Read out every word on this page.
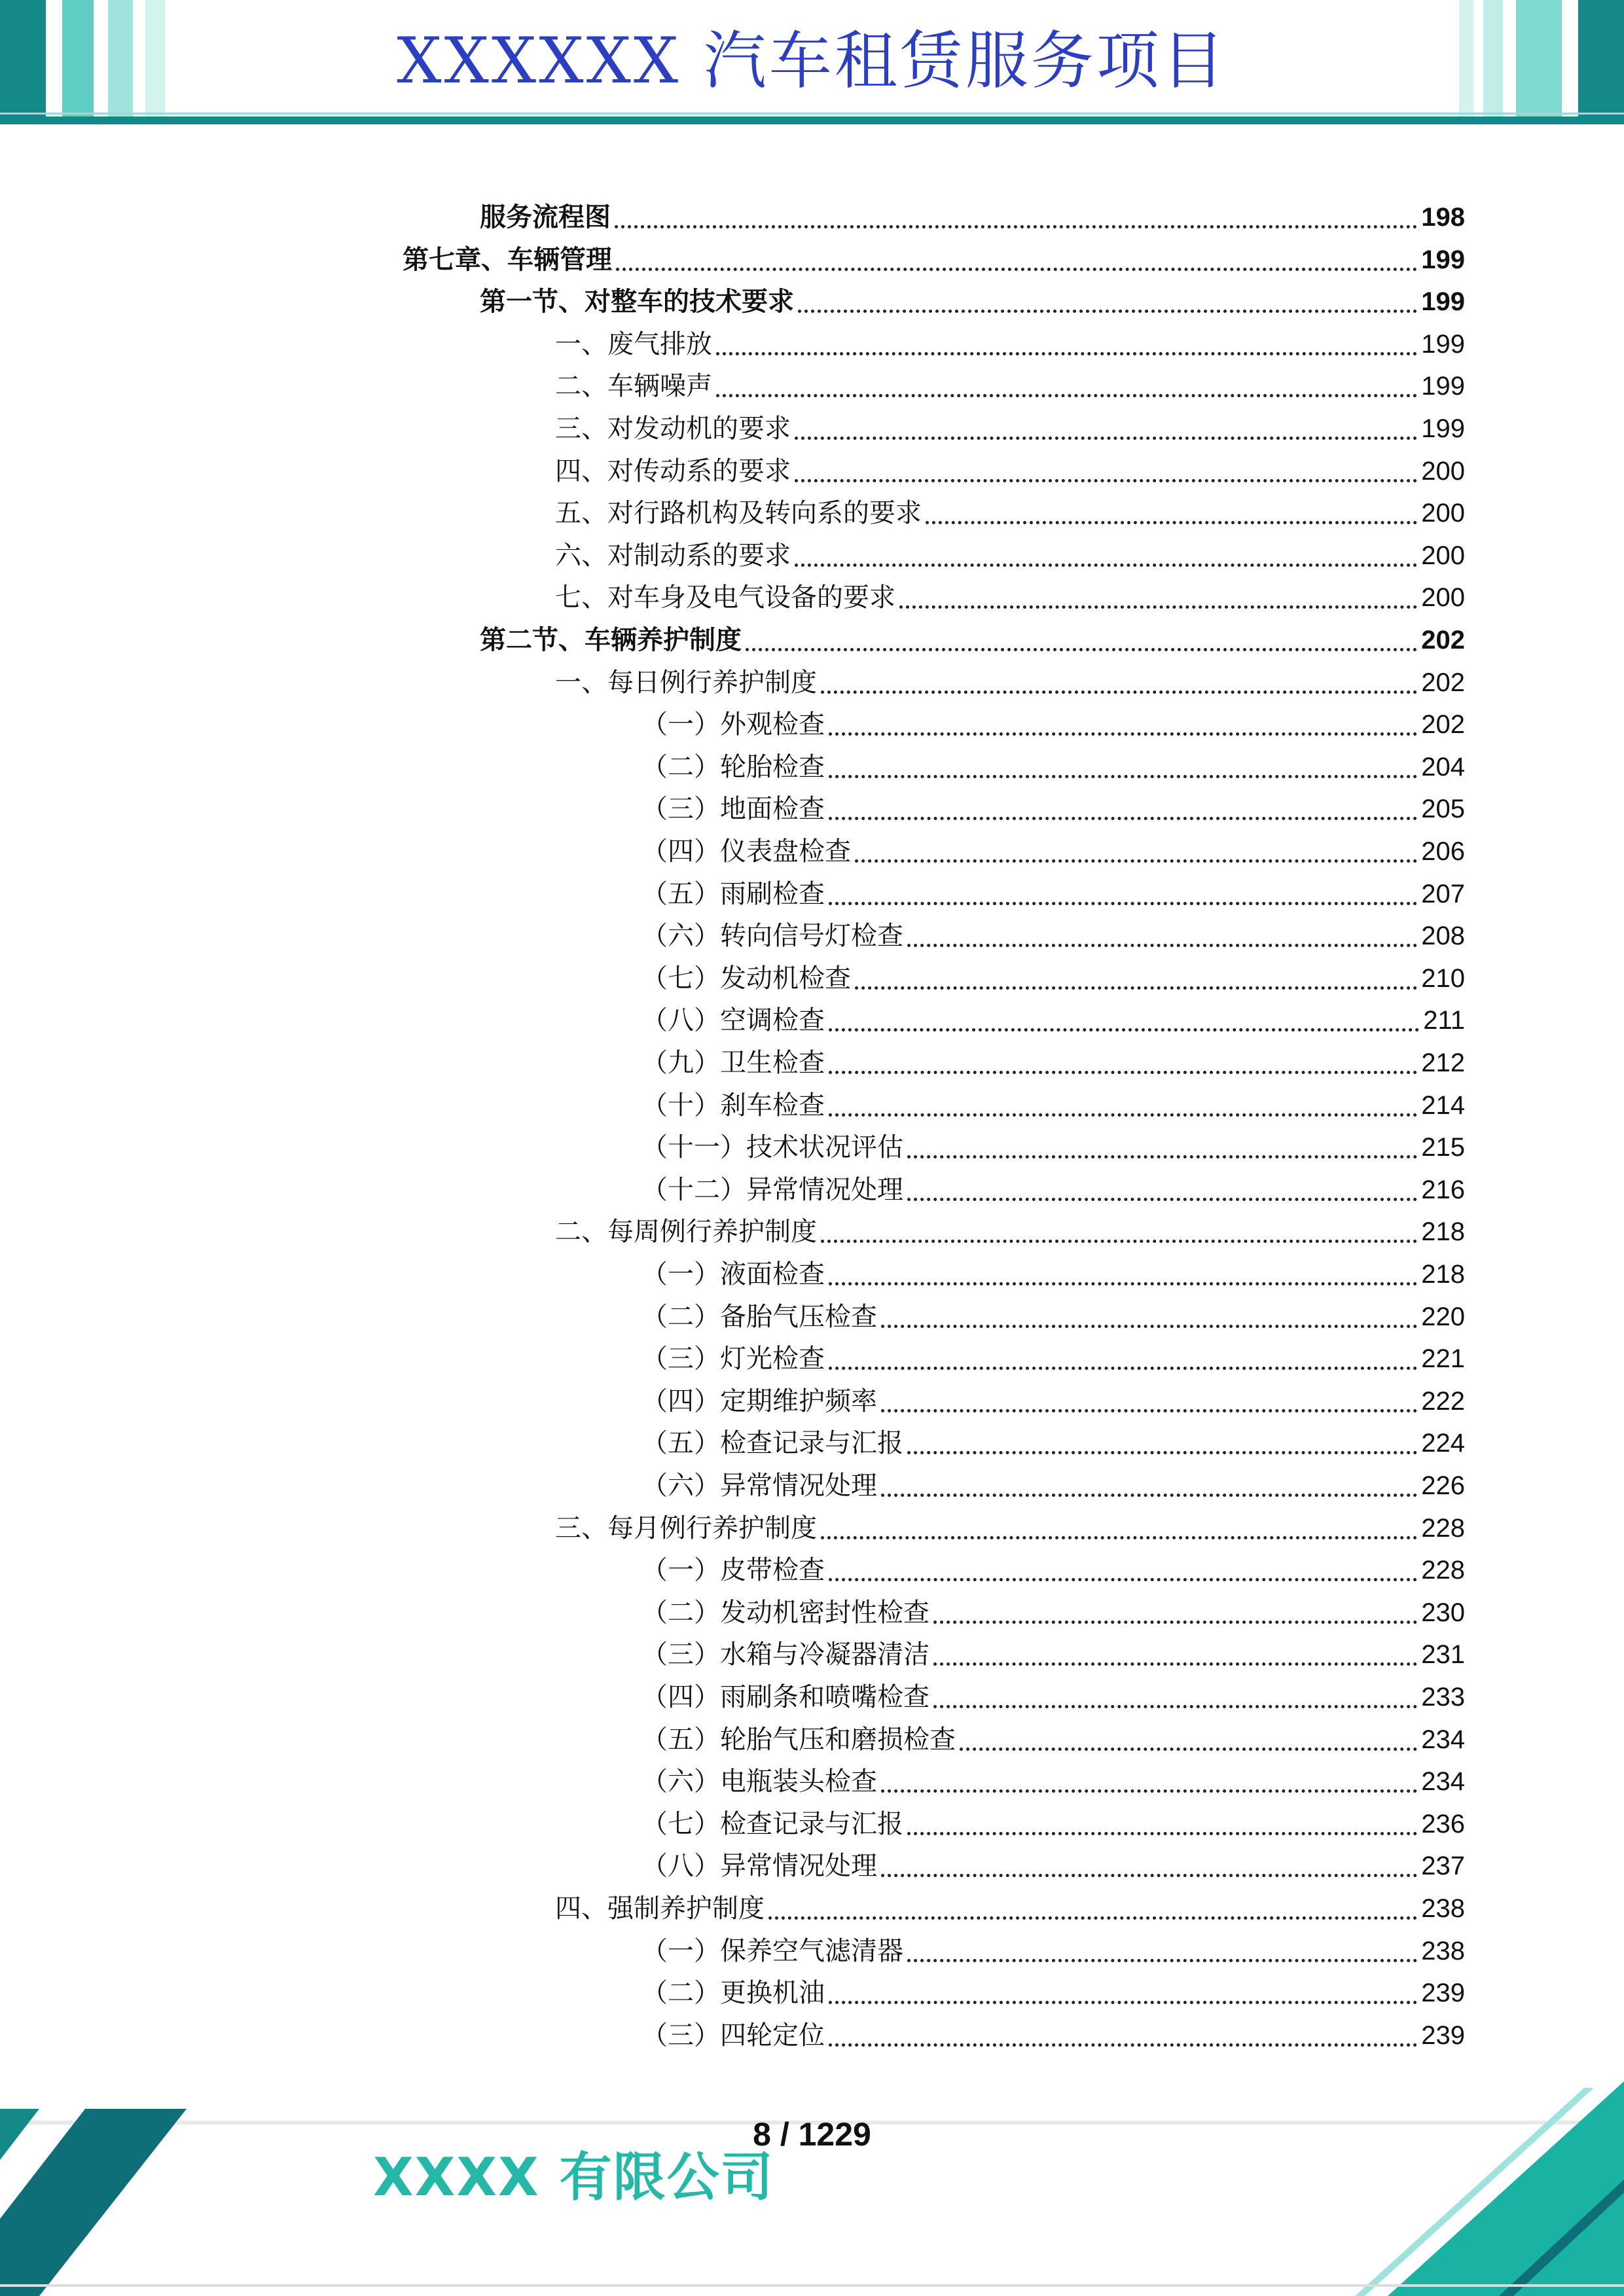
XXXXXX 汽车租赁服务项目
服务流程图	198
第七章、车辆管理	199
第一节、对整车的技术要求	199
一、废气排放	199
二、车辆噪声	199
三、对发动机的要求	199
四、对传动系的要求	200
五、对行路机构及转向系的要求	200
六、对制动系的要求	200
七、对车身及电气设备的要求	200
第二节、车辆养护制度	202
一、每日例行养护制度	202
（一）外观检查	202
（二）轮胎检查	204
（三）地面检查	205
（四）仪表盘检查	206
（五）雨刷检查	207
（六）转向信号灯检查	208
（七）发动机检查	210
（八）空调检查	211
（九）卫生检查	212
（十）刹车检查	214
（十一）技术状况评估	215
（十二）异常情况处理	216
二、每周例行养护制度	218
（一）液面检查	218
（二）备胎气压检查	220
（三）灯光检查	221
（四）定期维护频率	222
（五）检查记录与汇报	224
（六）异常情况处理	226
三、每月例行养护制度	228
（一）皮带检查	228
（二）发动机密封性检查	230
（三）水箱与冷凝器清洁	231
（四）雨刷条和喷嘴检查	233
（五）轮胎气压和磨损检查	234
（六）电瓶装头检查	234
（七）检查记录与汇报	236
（八）异常情况处理	237
四、强制养护制度	238
（一）保养空气滤清器	238
（二）更换机油	239
（三）四轮定位	239
XXXX 有限公司
8 / 1229
